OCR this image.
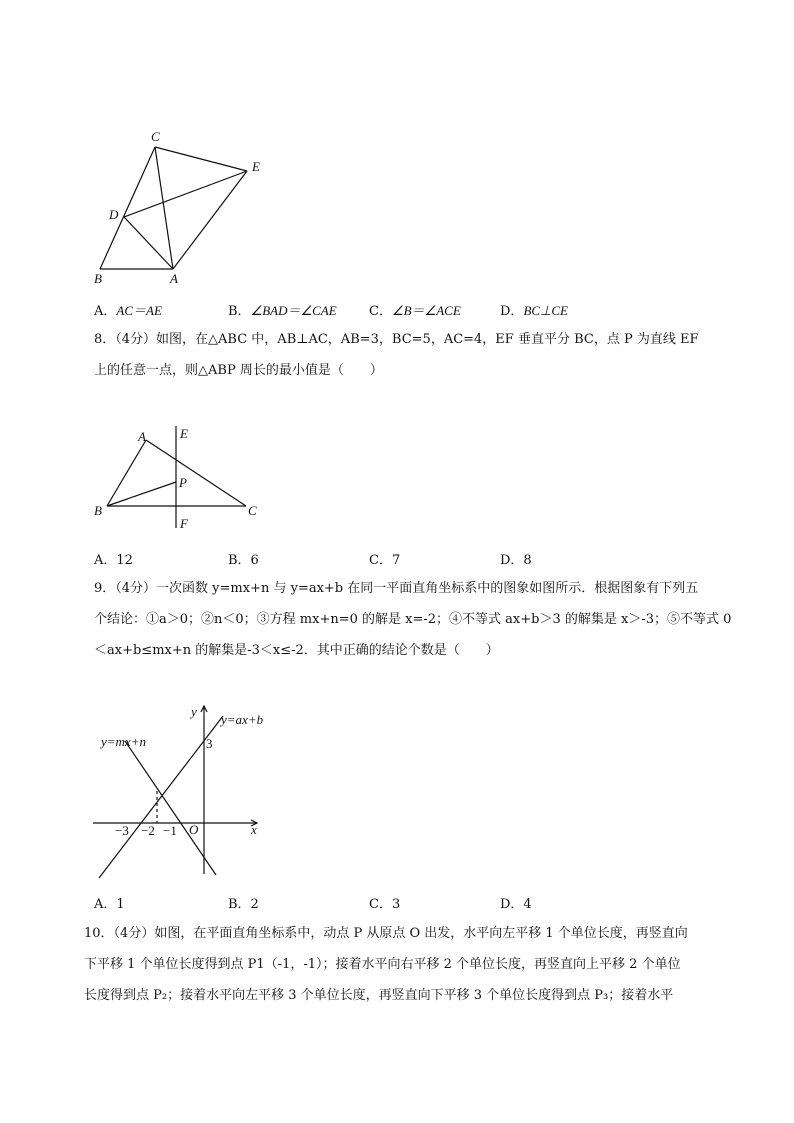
C
E
D
B	A
A．AC＝AE	B．∠BAD＝∠CAE C．∠B＝∠ACE	D．BC⊥CE

8．（4分）如图，在△ABC 中，AB⊥AC，AB=3，BC=5，AC=4，EF 垂直平分 BC，点 P 为直线 EF

上的任意一点，则△ABP 周长的最小值是（　　）

A	E
P
B	C
F
A．12	B．6	C．7	D．8

9．（4分）一次函数 y=mx+n 与 y=ax+b 在同一平面直角坐标系中的图象如图所示．根据图象有下列五

个结论：①a＞0；②n＜0；③方程 mx+n=0 的解是 x=-2；④不等式 ax+b＞3 的解集是 x＞-3；⑤不等式 0

＜ax+b≤mx+n 的解集是-3＜x≤-2．其中正确的结论个数是（　　）

y
x
O
3
y=ax+b
y=mx+n
−3 −2 −1
A．1	B．2	C．3	D．4

10．（4分）如图，在平面直角坐标系中，动点 P 从原点 O 出发，水平向左平移 1 个单位长度，再竖直向

下平移 1 个单位长度得到点 P1（-1，-1）；接着水平向右平移 2 个单位长度，再竖直向上平移 2 个单位

长度得到点 P₂；接着水平向左平移 3 个单位长度，再竖直向下平移 3 个单位长度得到点 P₃；接着水平
